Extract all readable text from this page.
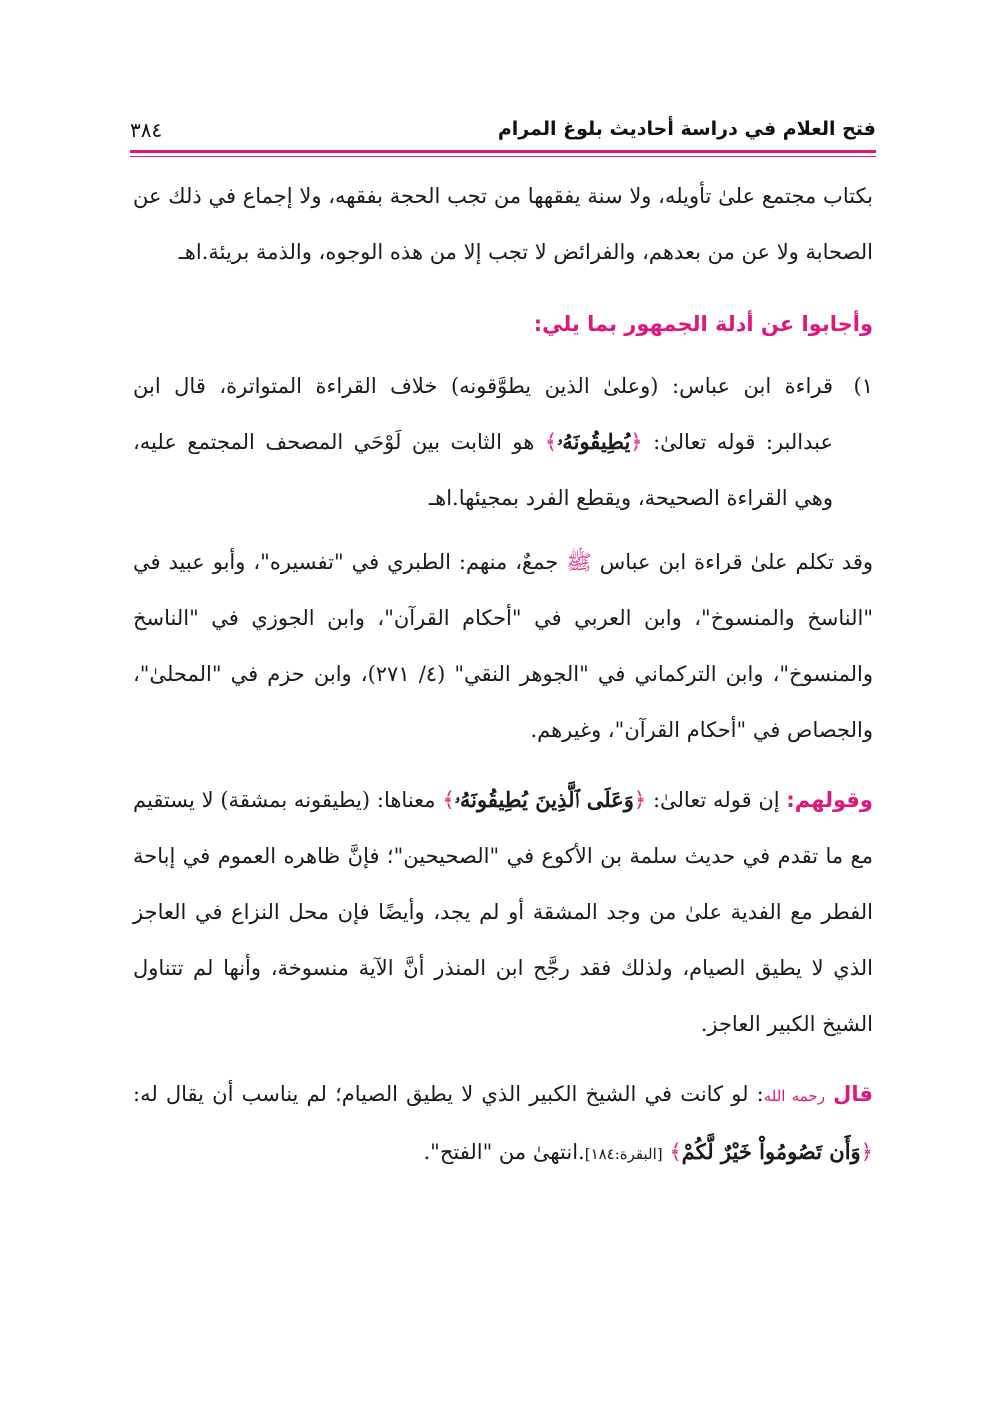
فتح العلام في دراسة أحاديث بلوغ المرام
٣٨٤

بكتاب مجتمع علىٰ تأويله، ولا سنة يفقهها من تجب الحجة بفقهه، ولا إجماع في ذلك عن الصحابة ولا عن من بعدهم، والفرائض لا تجب إلا من هذه الوجوه، والذمة بريئة.اهـ

وأجابوا عن أدلة الجمهور بما يلي:

١)

قراءة ابن عباس: (وعلىٰ الذين يطوَّقونه) خلاف القراءة المتواترة، قال ابن عبدالبر: قوله تعالىٰ: ﴿يُطِيقُونَهُۥ﴾ هو الثابت بين لَوْحَي المصحف المجتمع عليه، وهي القراءة الصحيحة، ويقطع الفرد بمجيئها.اهـ

وقد تكلم علىٰ قراءة ابن عباس ﷺ جمعٌ، منهم: الطبري في "تفسيره"، وأبو عبيد في "الناسخ والمنسوخ"، وابن العربي في "أحكام القرآن"، وابن الجوزي في "الناسخ والمنسوخ"، وابن التركماني في "الجوهر النقي" (٤/ ٢٧١)، وابن حزم في "المحلىٰ"، والجصاص في "أحكام القرآن"، وغيرهم.

وقولهم: إن قوله تعالىٰ: ﴿وَعَلَى ٱلَّذِينَ يُطِيقُونَهُۥ﴾ معناها: (يطيقونه بمشقة) لا يستقيم مع ما تقدم في حديث سلمة بن الأكوع في "الصحيحين"؛ فإنَّ ظاهره العموم في إباحة الفطر مع الفدية علىٰ من وجد المشقة أو لم يجد، وأيضًا فإن محل النزاع في العاجز الذي لا يطيق الصيام، ولذلك فقد رجَّح ابن المنذر أنَّ الآية منسوخة، وأنها لم تتناول الشيخ الكبير العاجز.

قال رحمه الله: لو كانت في الشيخ الكبير الذي لا يطيق الصيام؛ لم يناسب أن يقال له: ﴿وَأَن تَصُومُواْ خَيْرٌ لَّكُمْ﴾ [البقرة:١٨٤].انتهىٰ من "الفتح".
